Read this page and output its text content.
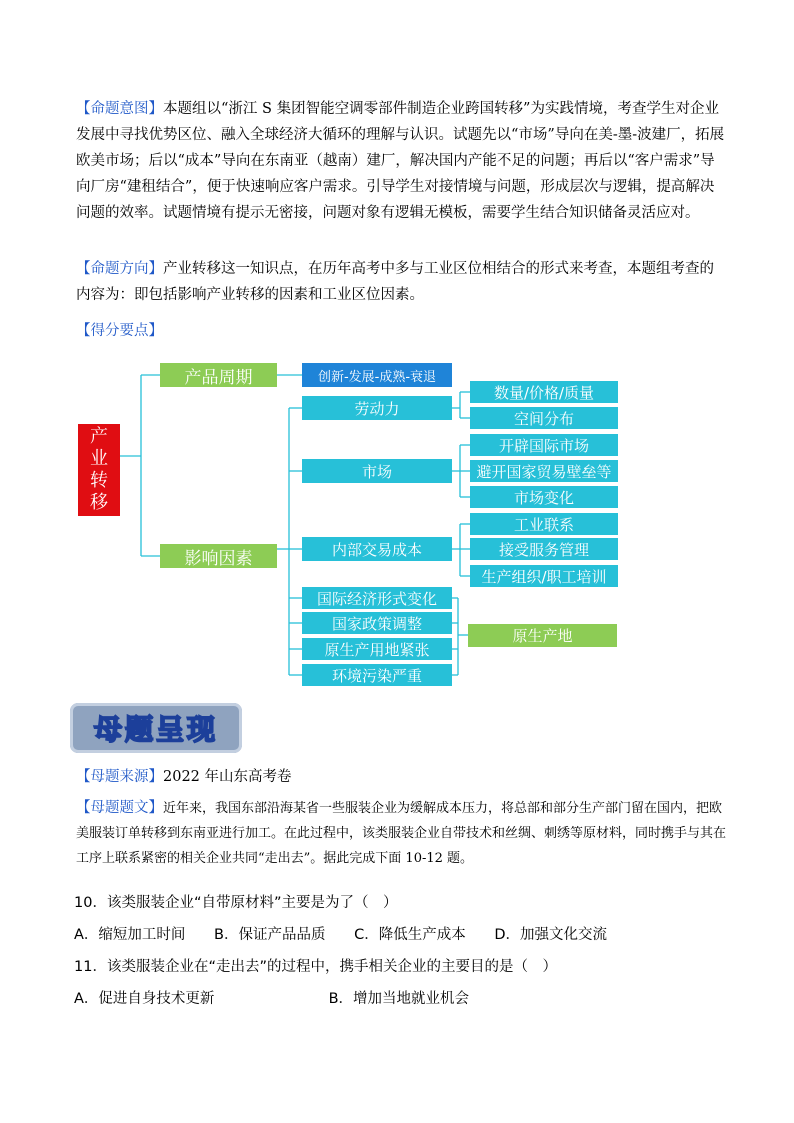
【命题意图】本题组以“浙江 S 集团智能空调零部件制造企业跨国转移”为实践情境，考查学生对企业发展中寻找优势区位、融入全球经济大循环的理解与认识。试题先以“市场”导向在美-墨-波建厂，拓展欧美市场；后以“成本”导向在东南亚（越南）建厂，解决国内产能不足的问题；再后以“客户需求”导向厂房“建租结合”，便于快速响应客户需求。引导学生对接情境与问题，形成层次与逻辑，提高解决问题的效率。试题情境有提示无密接，问题对象有逻辑无模板，需要学生结合知识储备灵活应对。
【命题方向】产业转移这一知识点，在历年高考中多与工业区位相结合的形式来考查，本题组考查的内容为：即包括影响产业转移的因素和工业区位因素。
【得分要点】
产业转移
产品周期	创新-发展-成熟-衰退
影响因素
劳动力
数量/价格/质量
空间分布
市场
开辟国际市场
避开国家贸易壁垒等
市场变化
内部交易成本
工业联系
接受服务管理
生产组织/职工培训
国际经济形式变化
国家政策调整
原生产用地紧张
环境污染严重
原生产地
母题呈现
【母题来源】2022 年山东高考卷
【母题题文】近年来，我国东部沿海某省一些服装企业为缓解成本压力，将总部和部分生产部门留在国内，把欧美服装订单转移到东南亚进行加工。在此过程中，该类服装企业自带技术和丝绸、刺绣等原材料，同时携手与其在工序上联系紧密的相关企业共同“走出去”。据此完成下面 10-12 题。
10．该类服装企业“自带原材料”主要是为了（　）
A．缩短加工时间 B．保证产品品质 C．降低生产成本 D．加强文化交流
11．该类服装企业在“走出去”的过程中，携手相关企业的主要目的是（　）
A．促进自身技术更新	B．增加当地就业机会
